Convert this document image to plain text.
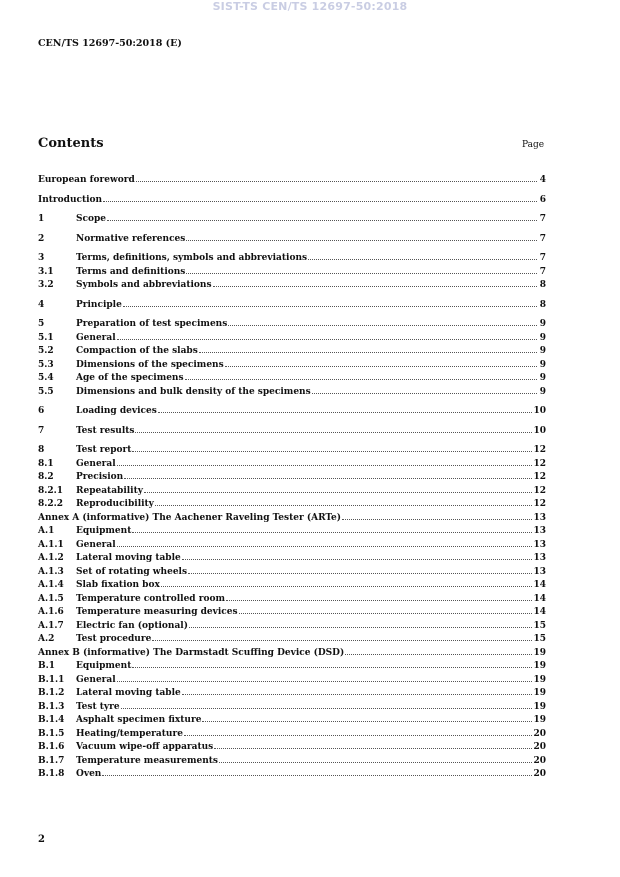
SIST-TS CEN/TS 12697-50:2018
CEN/TS 12697-50:2018 (E)
Contents	Page
European foreword	4
Introduction	6
1	Scope	7
2	Normative references	7
3	Terms, definitions, symbols and abbreviations	7
3.1	Terms and definitions	7
3.2	Symbols and abbreviations	8
4	Principle	8
5	Preparation of test specimens	9
5.1	General	9
5.2	Compaction of the slabs	9
5.3	Dimensions of the specimens	9
5.4	Age of the specimens	9
5.5	Dimensions and bulk density of the specimens	9
6	Loading devices	10
7	Test results	10
8	Test report	12
8.1	General	12
8.2	Precision	12
8.2.1	Repeatability	12
8.2.2	Reproducibility	12
Annex A (informative) The Aachener Raveling Tester (ARTe)	13
A.1	Equipment	13
A.1.1	General	13
A.1.2	Lateral moving table	13
A.1.3	Set of rotating wheels	13
A.1.4	Slab fixation box	14
A.1.5	Temperature controlled room	14
A.1.6	Temperature measuring devices	14
A.1.7	Electric fan (optional)	15
A.2	Test procedure	15
Annex B (informative) The Darmstadt Scuffing Device (DSD)	19
B.1	Equipment	19
B.1.1	General	19
B.1.2	Lateral moving table	19
B.1.3	Test tyre	19
B.1.4	Asphalt specimen fixture	19
B.1.5	Heating/temperature	20
B.1.6	Vacuum wipe-off apparatus	20
B.1.7	Temperature measurements	20
B.1.8	Oven	20
2
